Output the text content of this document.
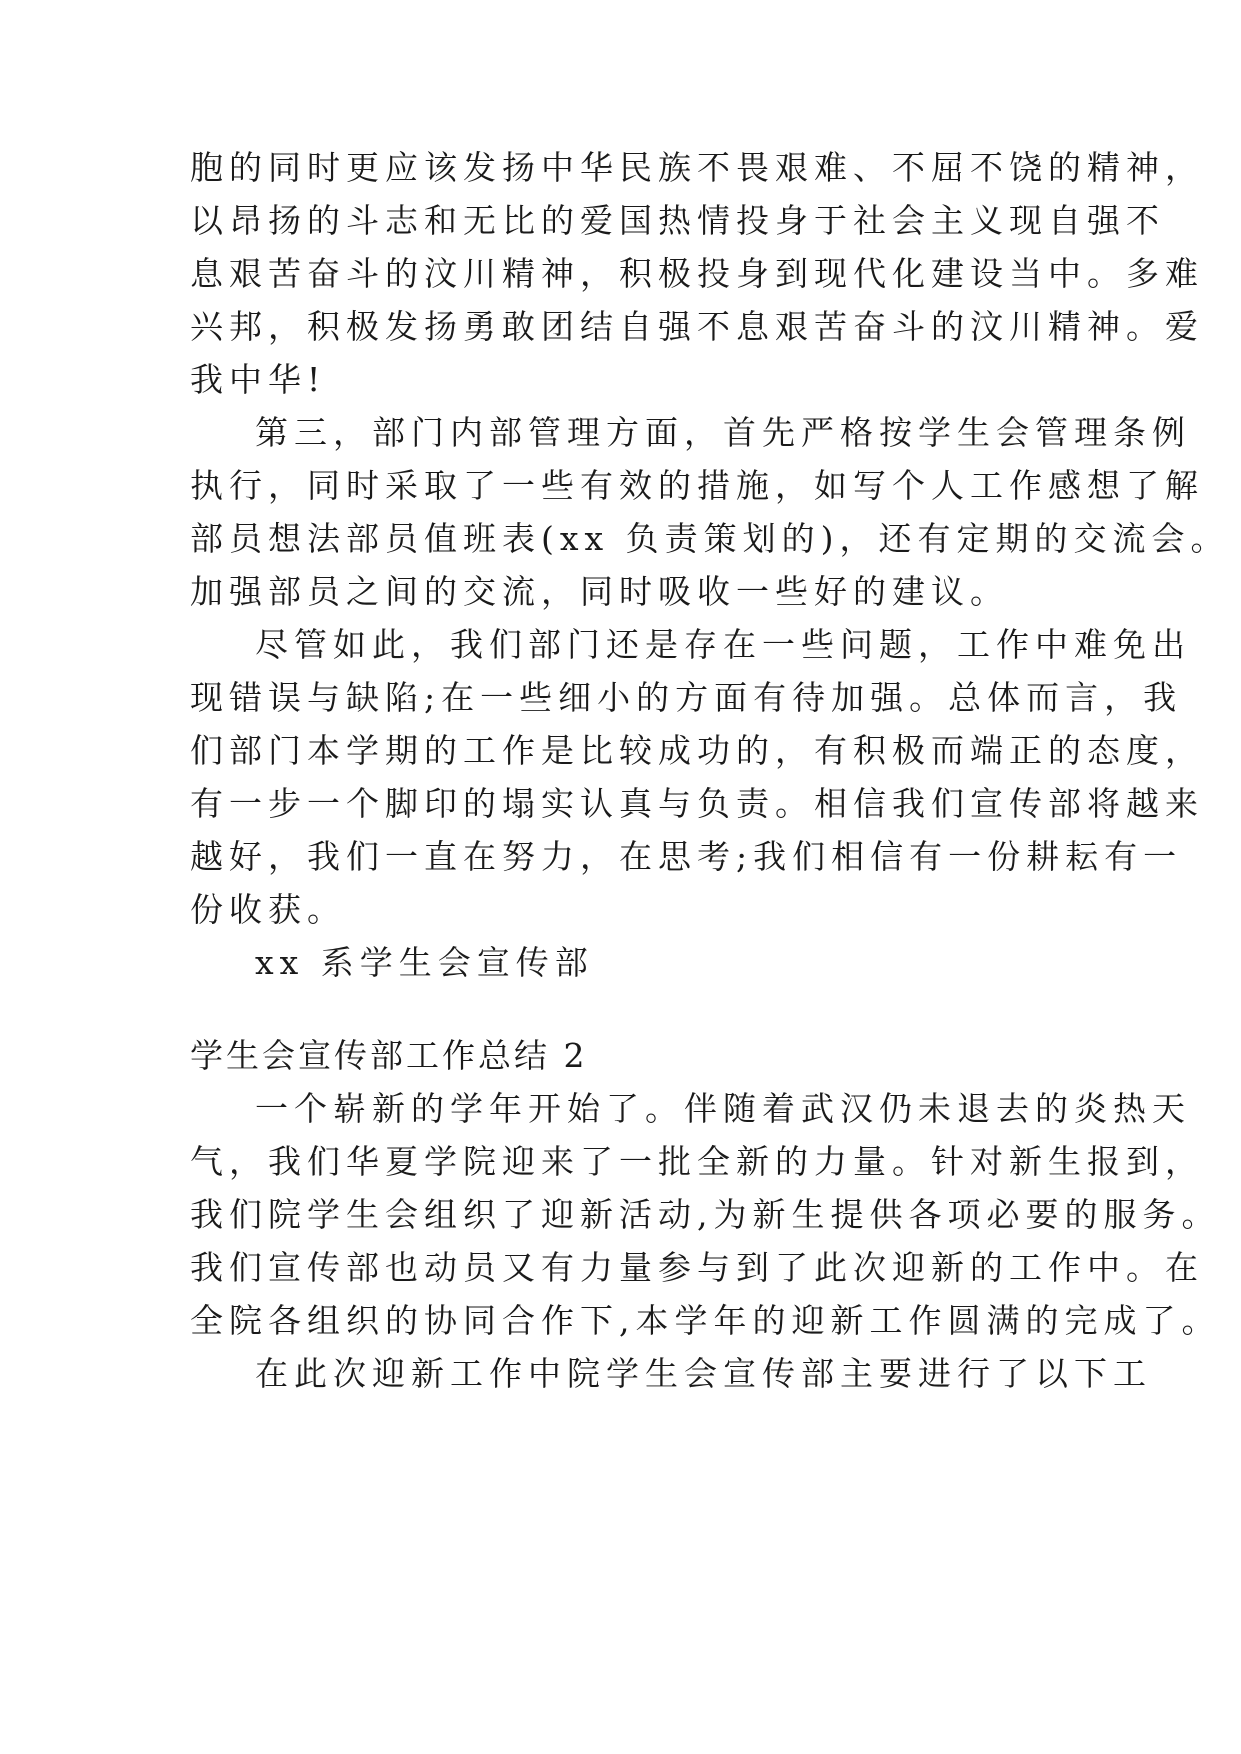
胞的同时更应该发扬中华民族不畏艰难、不屈不饶的精神，
以昂扬的斗志和无比的爱国热情投身于社会主义现自强不
息艰苦奋斗的汶川精神，积极投身到现代化建设当中。多难
兴邦，积极发扬勇敢团结自强不息艰苦奋斗的汶川精神。爱
我中华!
第三，部门内部管理方面，首先严格按学生会管理条例
执行，同时采取了一些有效的措施，如写个人工作感想了解
部员想法部员值班表(xx 负责策划的)，还有定期的交流会。
加强部员之间的交流，同时吸收一些好的建议。
尽管如此，我们部门还是存在一些问题，工作中难免出
现错误与缺陷;在一些细小的方面有待加强。总体而言，我
们部门本学期的工作是比较成功的，有积极而端正的态度，
有一步一个脚印的塌实认真与负责。相信我们宣传部将越来
越好，我们一直在努力，在思考;我们相信有一份耕耘有一
份收获。
xx 系学生会宣传部
学生会宣传部工作总结 2
一个崭新的学年开始了。伴随着武汉仍未退去的炎热天
气，我们华夏学院迎来了一批全新的力量。针对新生报到，
我们院学生会组织了迎新活动,为新生提供各项必要的服务。
我们宣传部也动员又有力量参与到了此次迎新的工作中。在
全院各组织的协同合作下,本学年的迎新工作圆满的完成了。
在此次迎新工作中院学生会宣传部主要进行了以下工
